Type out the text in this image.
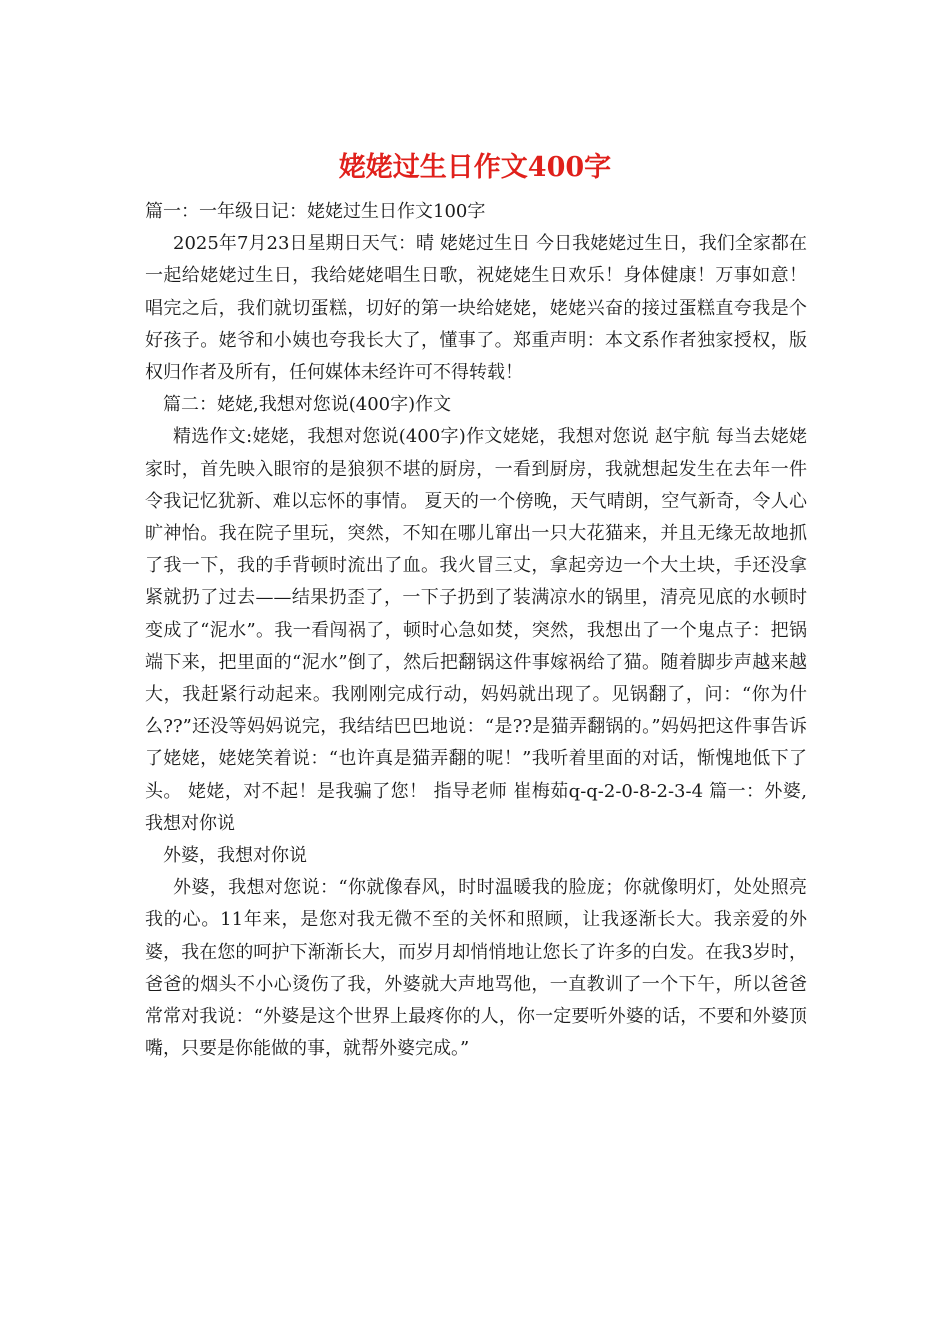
姥姥过生日作文400字

篇一：一年级日记：姥姥过生日作文100字

2025年7月23日星期日天气：晴 姥姥过生日 今日我姥姥过生日，我们全家都在一起给姥姥过生日，我给姥姥唱生日歌，祝姥姥生日欢乐！身体健康！万事如意！唱完之后，我们就切蛋糕，切好的第一块给姥姥，姥姥兴奋的接过蛋糕直夸我是个好孩子。姥爷和小姨也夸我长大了，懂事了。郑重声明：本文系作者独家授权，版权归作者及所有，任何媒体未经许可不得转载！

篇二：姥姥,我想对您说(400字)作文

精选作文:姥姥，我想对您说(400字)作文姥姥，我想对您说 赵宇航 每当去姥姥家时，首先映入眼帘的是狼狈不堪的厨房，一看到厨房，我就想起发生在去年一件令我记忆犹新、难以忘怀的事情。 夏天的一个傍晚，天气晴朗，空气新奇，令人心旷神怡。我在院子里玩，突然，不知在哪儿窜出一只大花猫来，并且无缘无故地抓了我一下，我的手背顿时流出了血。我火冒三丈，拿起旁边一个大土块，手还没拿紧就扔了过去——结果扔歪了，一下子扔到了装满凉水的锅里，清亮见底的水顿时变成了“泥水”。我一看闯祸了，顿时心急如焚，突然，我想出了一个鬼点子：把锅端下来，把里面的“泥水”倒了，然后把翻锅这件事嫁祸给了猫。随着脚步声越来越大，我赶紧行动起来。我刚刚完成行动，妈妈就出现了。见锅翻了，问：“你为什么??”还没等妈妈说完，我结结巴巴地说：“是??是猫弄翻锅的。”妈妈把这件事告诉了姥姥，姥姥笑着说：“也许真是猫弄翻的呢！”我听着里面的对话，惭愧地低下了头。 姥姥，对不起！是我骗了您！ 指导老师 崔梅茹q-q-2-0-8-2-3-4 篇一：外婆,我想对你说

外婆，我想对你说

外婆，我想对您说：“你就像春风，时时温暖我的脸庞；你就像明灯，处处照亮我的心。11年来，是您对我无微不至的关怀和照顾，让我逐渐长大。我亲爱的外婆，我在您的呵护下渐渐长大，而岁月却悄悄地让您长了许多的白发。在我3岁时，爸爸的烟头不小心烫伤了我，外婆就大声地骂他，一直教训了一个下午，所以爸爸常常对我说：“外婆是这个世界上最疼你的人，你一定要听外婆的话，不要和外婆顶嘴，只要是你能做的事，就帮外婆完成。”
